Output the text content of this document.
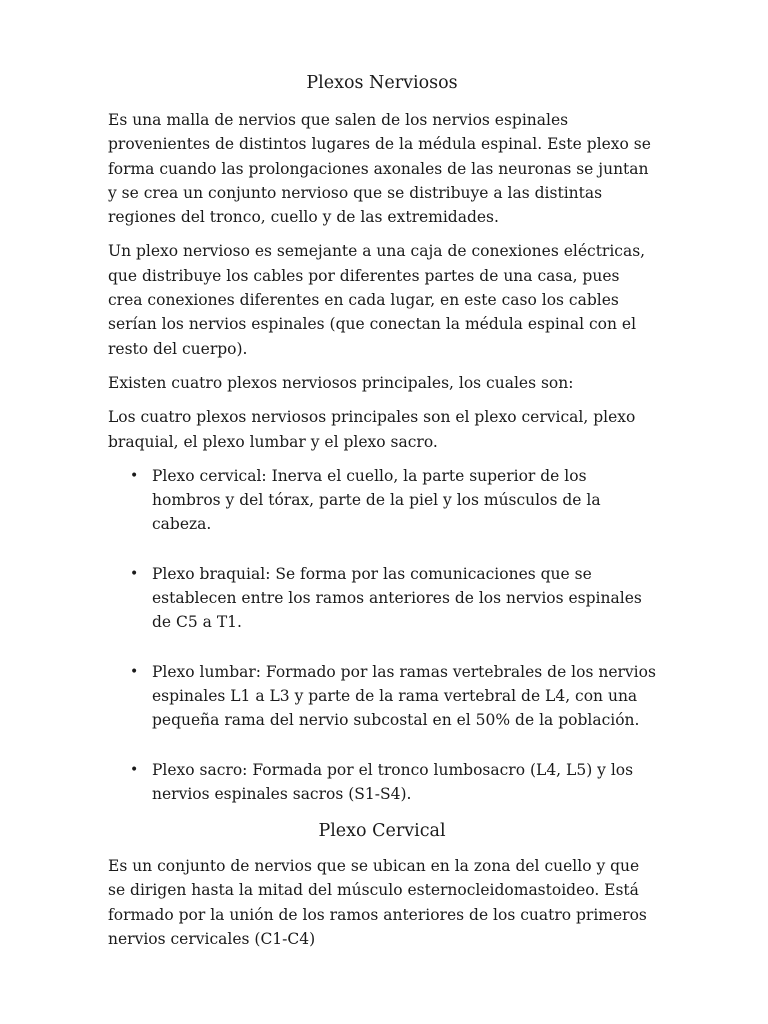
Plexos Nerviosos

Es una malla de nervios que salen de los nervios espinales provenientes de distintos lugares de la médula espinal. Este plexo se forma cuando las prolongaciones axonales de las neuronas se juntan y se crea un conjunto nervioso que se distribuye a las distintas regiones del tronco, cuello y de las extremidades.

Un plexo nervioso es semejante a una caja de conexiones eléctricas, que distribuye los cables por diferentes partes de una casa, pues crea conexiones diferentes en cada lugar, en este caso los cables serían los nervios espinales (que conectan la médula espinal con el resto del cuerpo).

Existen cuatro plexos nerviosos principales, los cuales son:

Los cuatro plexos nerviosos principales son el plexo cervical, plexo braquial, el plexo lumbar y el plexo sacro.

• Plexo cervical: Inerva el cuello, la parte superior de los hombros y del tórax, parte de la piel y los músculos de la cabeza.
• Plexo braquial: Se forma por las comunicaciones que se establecen entre los ramos anteriores de los nervios espinales de C5 a T1.
• Plexo lumbar: Formado por las ramas vertebrales de los nervios espinales L1 a L3 y parte de la rama vertebral de L4, con una pequeña rama del nervio subcostal en el 50% de la población.
• Plexo sacro: Formada por el tronco lumbosacro (L4, L5) y los nervios espinales sacros (S1-S4).
Plexo Cervical

Es un conjunto de nervios que se ubican en la zona del cuello y que se dirigen hasta la mitad del músculo esternocleidomastoideo. Está formado por la unión de los ramos anteriores de los cuatro primeros nervios cervicales (C1-C4)
